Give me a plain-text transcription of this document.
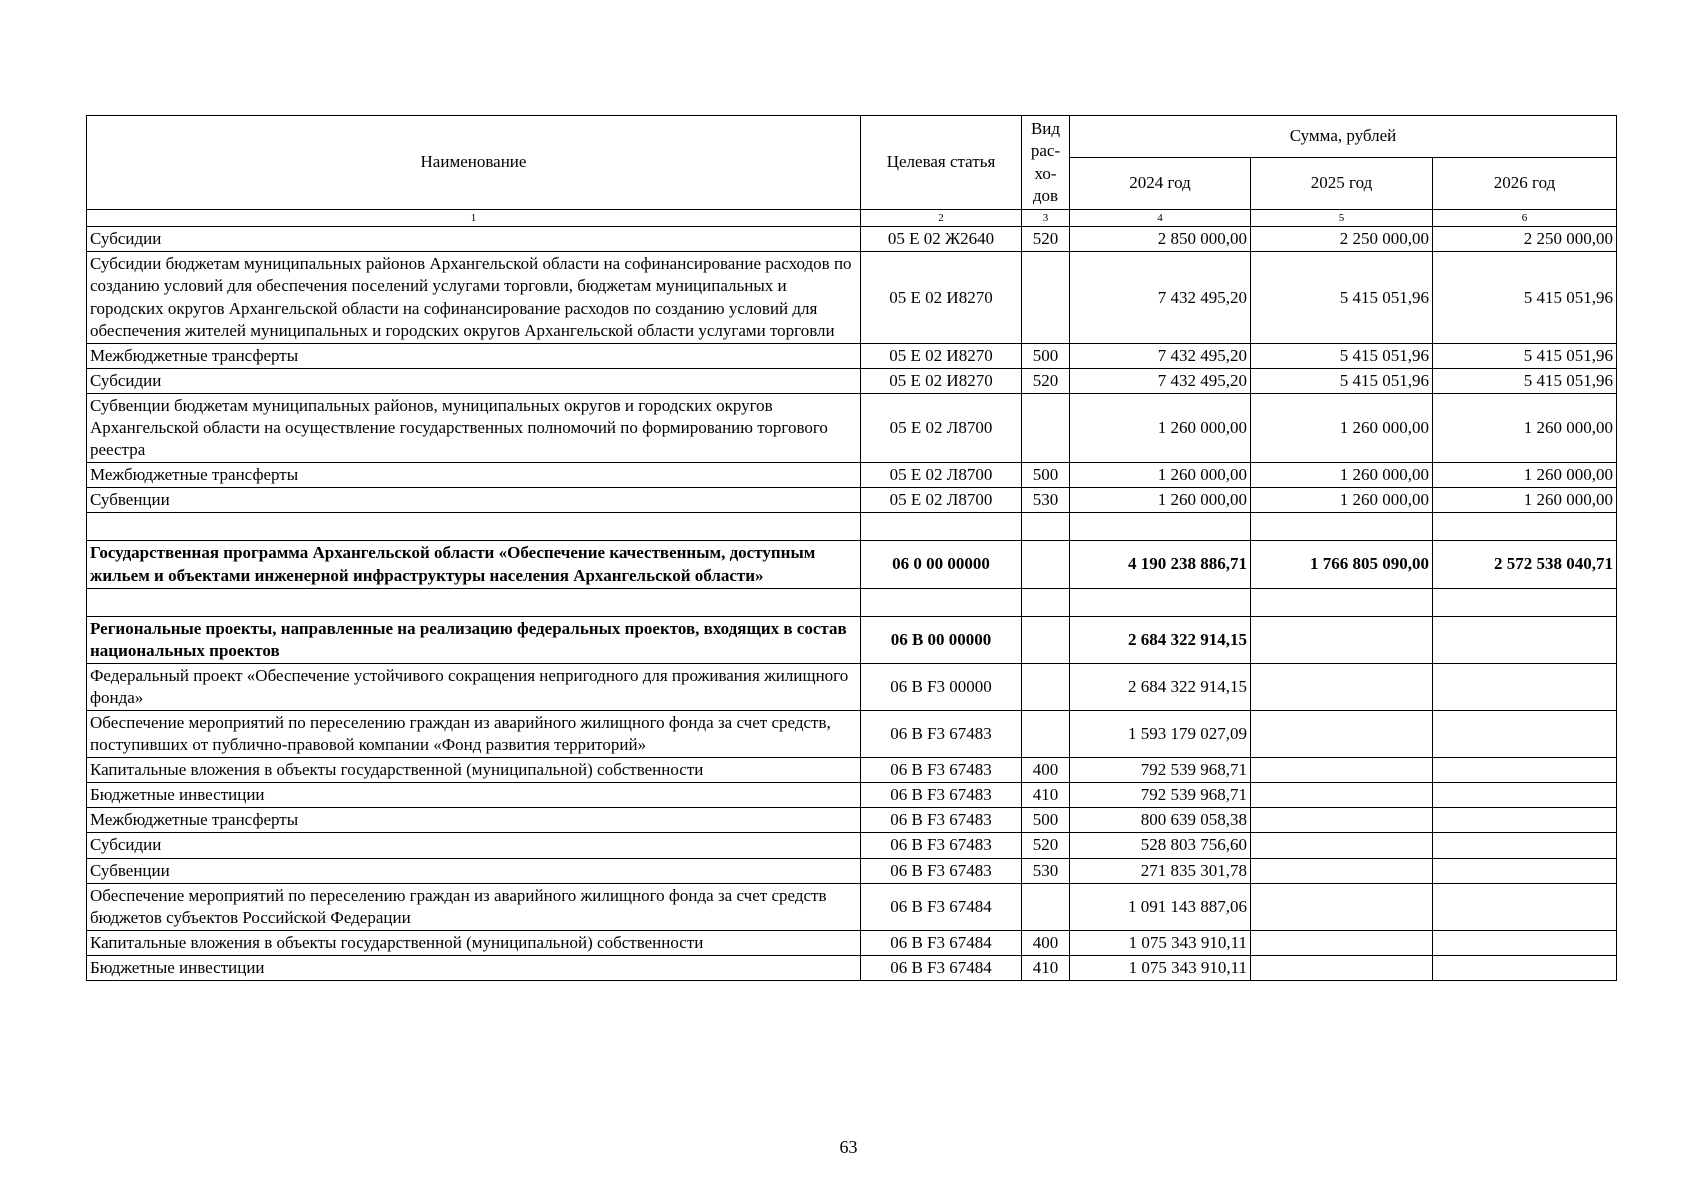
Наименование	Целевая статья	Вид рас-хо-дов	Сумма, рублей		
			2024 год	2025 год	2026 год
1	2	3	4	5	6
Субсидии	05 Е 02 Ж2640	520	2 850 000,00	2 250 000,00	2 250 000,00
Субсидии бюджетам муниципальных районов Архангельской области на софинансирование расходов по созданию условий для обеспечения поселений услугами торговли, бюджетам муниципальных и городских округов Архангельской области на софинансирование расходов по созданию условий для обеспечения жителей муниципальных и городских округов Архангельской области услугами торговли	05 Е 02 И8270		7 432 495,20	5 415 051,96	5 415 051,96
Межбюджетные трансферты	05 Е 02 И8270	500	7 432 495,20	5 415 051,96	5 415 051,96
Субсидии	05 Е 02 И8270	520	7 432 495,20	5 415 051,96	5 415 051,96
Субвенции бюджетам муниципальных районов, муниципальных округов и городских округов Архангельской области на осуществление государственных полномочий по формированию торгового реестра	05 Е 02 Л8700		1 260 000,00	1 260 000,00	1 260 000,00
Межбюджетные трансферты	05 Е 02 Л8700	500	1 260 000,00	1 260 000,00	1 260 000,00
Субвенции	05 Е 02 Л8700	530	1 260 000,00	1 260 000,00	1 260 000,00

Государственная программа Архангельской области «Обеспечение качественным, доступным жильем и объектами инженерной инфраструктуры населения Архангельской области»	06 0 00 00000		4 190 238 886,71	1 766 805 090,00	2 572 538 040,71

Региональные проекты, направленные на реализацию федеральных проектов, входящих в состав национальных проектов	06 В 00 00000		2 684 322 914,15		
Федеральный проект «Обеспечение устойчивого сокращения непригодного для проживания жилищного фонда»	06 В F3 00000		2 684 322 914,15		
Обеспечение мероприятий по переселению граждан из аварийного жилищного фонда за счет средств, поступивших от публично-правовой компании «Фонд развития территорий»	06 В F3 67483		1 593 179 027,09		
Капитальные вложения в объекты государственной (муниципальной) собственности	06 В F3 67483	400	792 539 968,71		
Бюджетные инвестиции	06 В F3 67483	410	792 539 968,71		
Межбюджетные трансферты	06 В F3 67483	500	800 639 058,38		
Субсидии	06 В F3 67483	520	528 803 756,60		
Субвенции	06 В F3 67483	530	271 835 301,78		
Обеспечение мероприятий по переселению граждан из аварийного жилищного фонда за счет средств бюджетов субъектов Российской Федерации	06 В F3 67484		1 091 143 887,06		
Капитальные вложения в объекты государственной (муниципальной) собственности	06 В F3 67484	400	1 075 343 910,11		
Бюджетные инвестиции	06 В F3 67484	410	1 075 343 910,11		
63
